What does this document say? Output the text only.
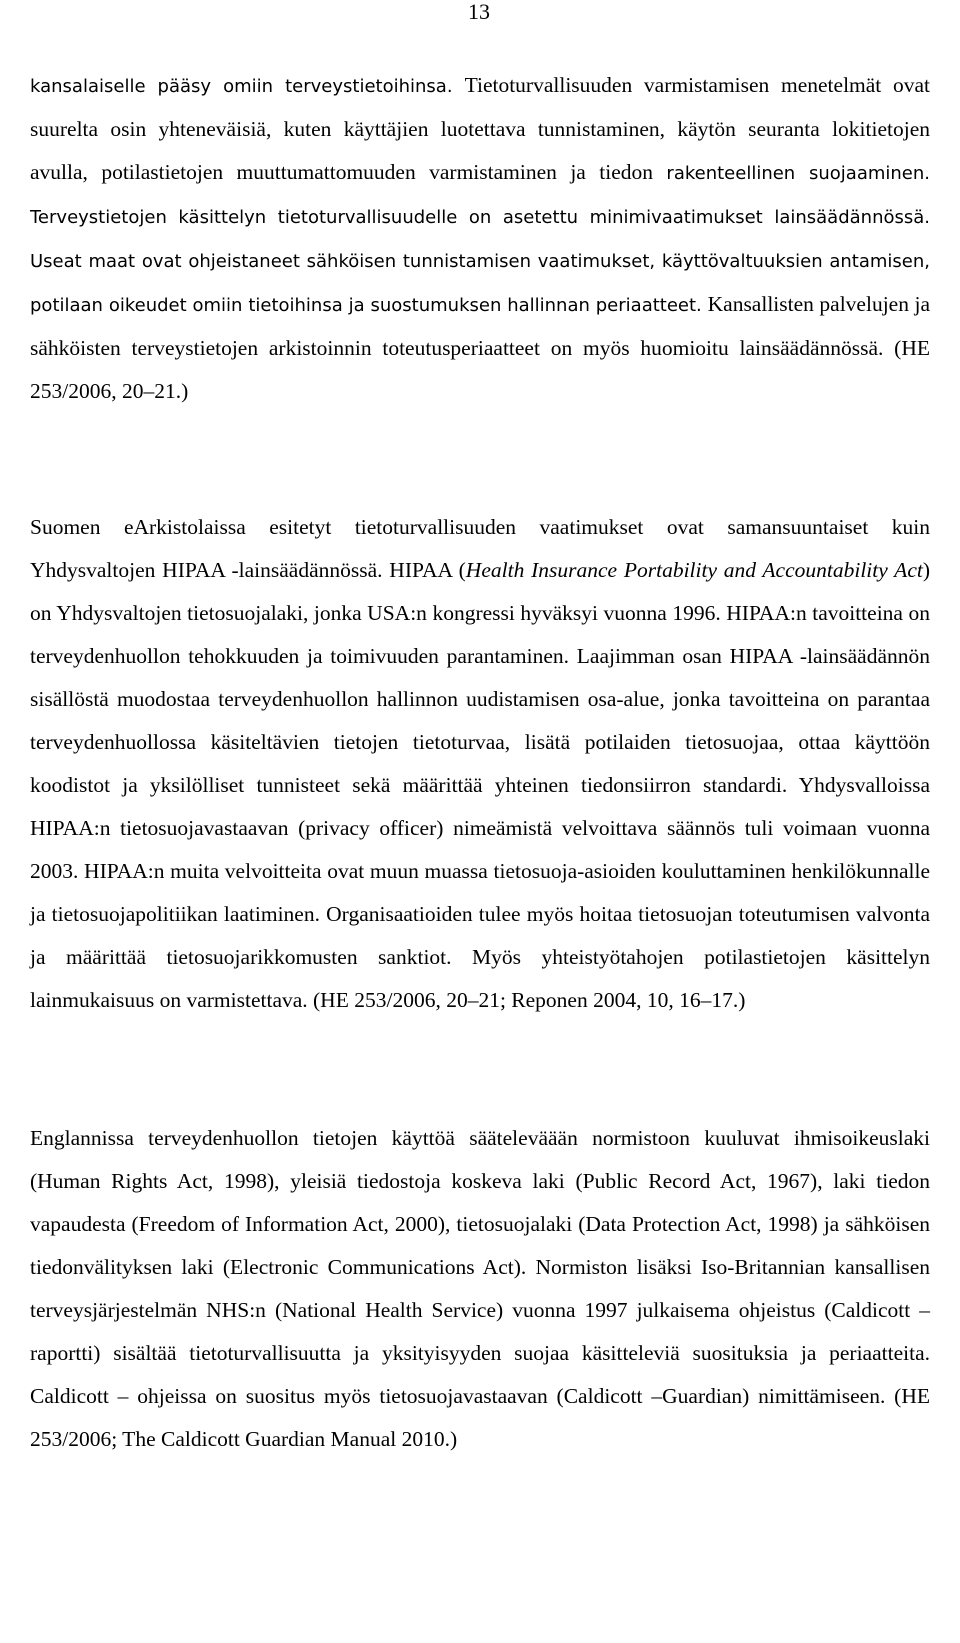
13

kansalaiselle pääsy omiin terveystietoihinsa. Tietoturvallisuuden varmistamisen menetelmät ovat suurelta osin yhteneväisiä, kuten käyttäjien luotettava tunnistaminen, käytön seuranta lokitietojen avulla, potilastietojen muuttumattomuuden varmistaminen ja tiedon rakenteellinen suojaaminen. Terveystietojen käsittelyn tietoturvallisuudelle on asetettu minimivaatimukset lainsäädännössä. Useat maat ovat ohjeistaneet sähköisen tunnistamisen vaatimukset, käyttövaltuuksien antamisen, potilaan oikeudet omiin tietoihinsa ja suostumuksen hallinnan periaatteet. Kansallisten palvelujen ja sähköisten terveystietojen arkistoinnin toteutusperiaatteet on myös huomioitu lainsäädännössä. (HE 253/2006, 20–21.)

Suomen eArkistolaissa esitetyt tietoturvallisuuden vaatimukset ovat samansuuntaiset kuin Yhdysvaltojen HIPAA -lainsäädännössä. HIPAA (Health Insurance Portability and Accountability Act) on Yhdysvaltojen tietosuojalaki, jonka USA:n kongressi hyväksyi vuonna 1996. HIPAA:n tavoitteina on terveydenhuollon tehokkuuden ja toimivuuden parantaminen. Laajimman osan HIPAA -lainsäädännön sisällöstä muodostaa terveydenhuollon hallinnon uudistamisen osa-alue, jonka tavoitteina on parantaa terveydenhuollossa käsiteltävien tietojen tietoturvaa, lisätä potilaiden tietosuojaa, ottaa käyttöön koodistot ja yksilölliset tunnisteet sekä määrittää yhteinen tiedonsiirron standardi. Yhdysvalloissa HIPAA:n tietosuojavastaavan (privacy officer) nimeämistä velvoittava säännös tuli voimaan vuonna 2003. HIPAA:n muita velvoitteita ovat muun muassa tietosuoja-asioiden kouluttaminen henkilökunnalle ja tietosuojapolitiikan laatiminen. Organisaatioiden tulee myös hoitaa tietosuojan toteutumisen valvonta ja määrittää tietosuojarikkomusten sanktiot. Myös yhteistyötahojen potilastietojen käsittelyn lainmukaisuus on varmistettava. (HE 253/2006, 20–21; Reponen 2004, 10, 16–17.)

Englannissa terveydenhuollon tietojen käyttöä sääteleväään normistoon kuuluvat ihmisoikeuslaki (Human Rights Act, 1998), yleisiä tiedostoja koskeva laki (Public Record Act, 1967), laki tiedon vapaudesta (Freedom of Information Act, 2000), tietosuojalaki (Data Protection Act, 1998) ja sähköisen tiedonvälityksen laki (Electronic Communications Act). Normiston lisäksi Iso-Britannian kansallisen terveysjärjestelmän NHS:n (National Health Service) vuonna 1997 julkaisema ohjeistus (Caldicott –raportti) sisältää tietoturvallisuutta ja yksityisyyden suojaa käsitteleviä suosituksia ja periaatteita. Caldicott – ohjeissa on suositus myös tietosuojavastaavan (Caldicott –Guardian) nimittämiseen. (HE 253/2006; The Caldicott Guardian Manual 2010.)
